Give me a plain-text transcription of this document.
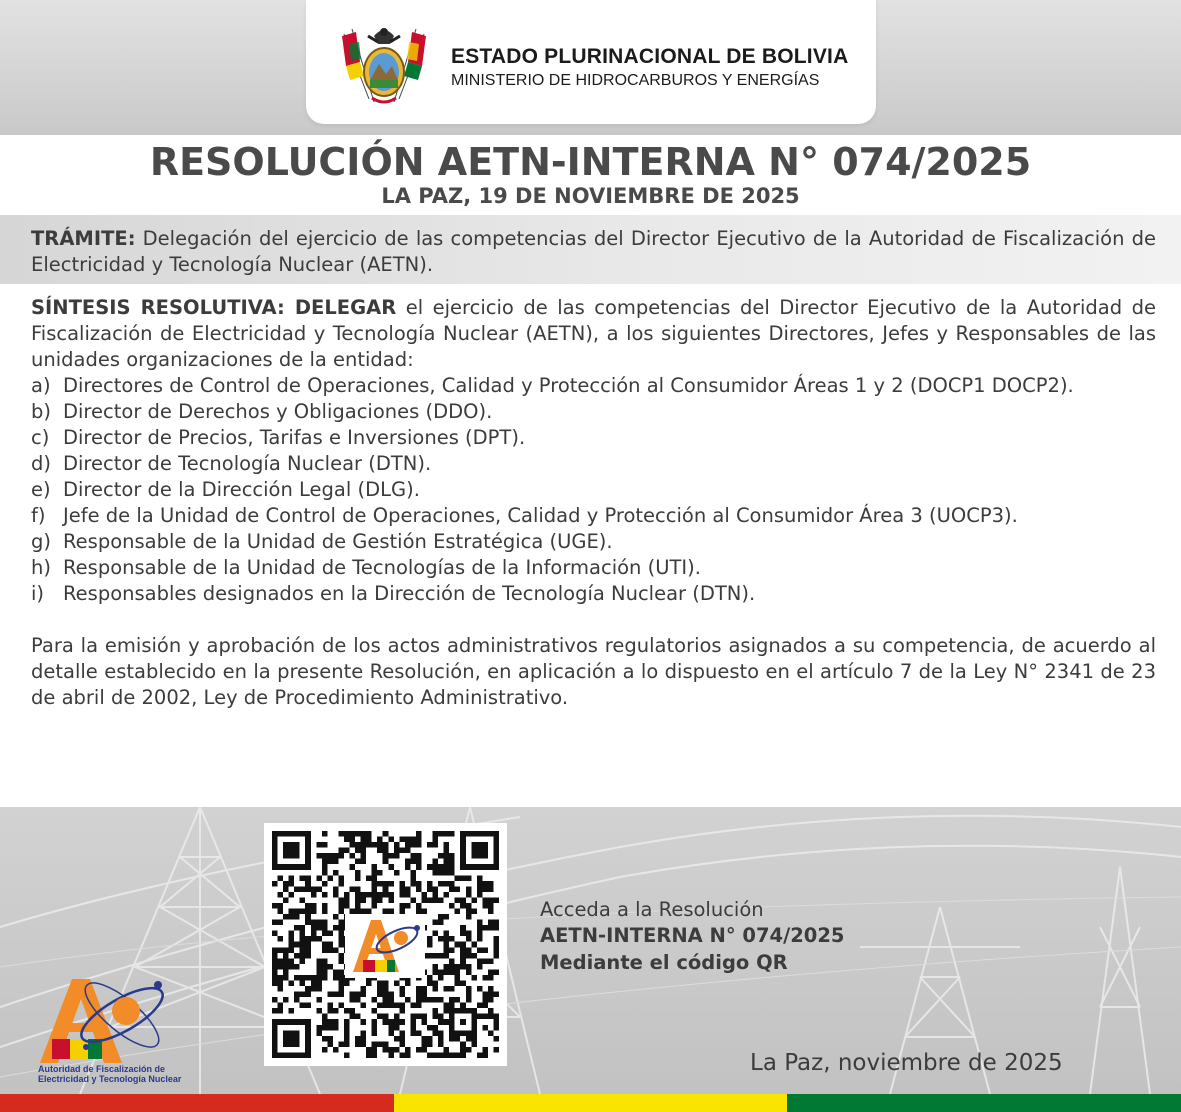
ESTADO PLURINACIONAL DE BOLIVIA
MINISTERIO DE HIDROCARBUROS Y ENERGÍAS
RESOLUCIÓN AETN-INTERNA N° 074/2025
LA PAZ, 19 DE NOVIEMBRE DE 2025
TRÁMITE: Delegación del ejercicio de las competencias del Director Ejecutivo de la Autoridad de Fiscalización de Electricidad y Tecnología Nuclear (AETN).

SÍNTESIS RESOLUTIVA: DELEGAR el ejercicio de las competencias del Director Ejecutivo de la Autoridad de Fiscalización de Electricidad y Tecnología Nuclear (AETN), a los siguientes Directores, Jefes y Responsables de las unidades organizaciones de la entidad:

a) Directores de Control de Operaciones, Calidad y Protección al Consumidor Áreas 1 y 2 (DOCP1 DOCP2).
b) Director de Derechos y Obligaciones (DDO).
c) Director de Precios, Tarifas e Inversiones (DPT).
d) Director de Tecnología Nuclear (DTN).
e) Director de la Dirección Legal (DLG).
f) Jefe de la Unidad de Control de Operaciones, Calidad y Protección al Consumidor Área 3 (UOCP3).
g) Responsable de la Unidad de Gestión Estratégica (UGE).
h) Responsable de la Unidad de Tecnologías de la Información (UTI).
i) Responsables designados en la Dirección de Tecnología Nuclear (DTN).

Para la emisión y aprobación de los actos administrativos regulatorios asignados a su competencia, de acuerdo al detalle establecido en la presente Resolución, en aplicación a lo dispuesto en el artículo 7 de la Ley N° 2341 de 23 de abril de 2002, Ley de Procedimiento Administrativo.

Acceda a la Resolución
AETN-INTERNA N° 074/2025
Mediante el código QR
La Paz, noviembre de 2025
Autoridad de Fiscalización de
Electricidad y Tecnología Nuclear
